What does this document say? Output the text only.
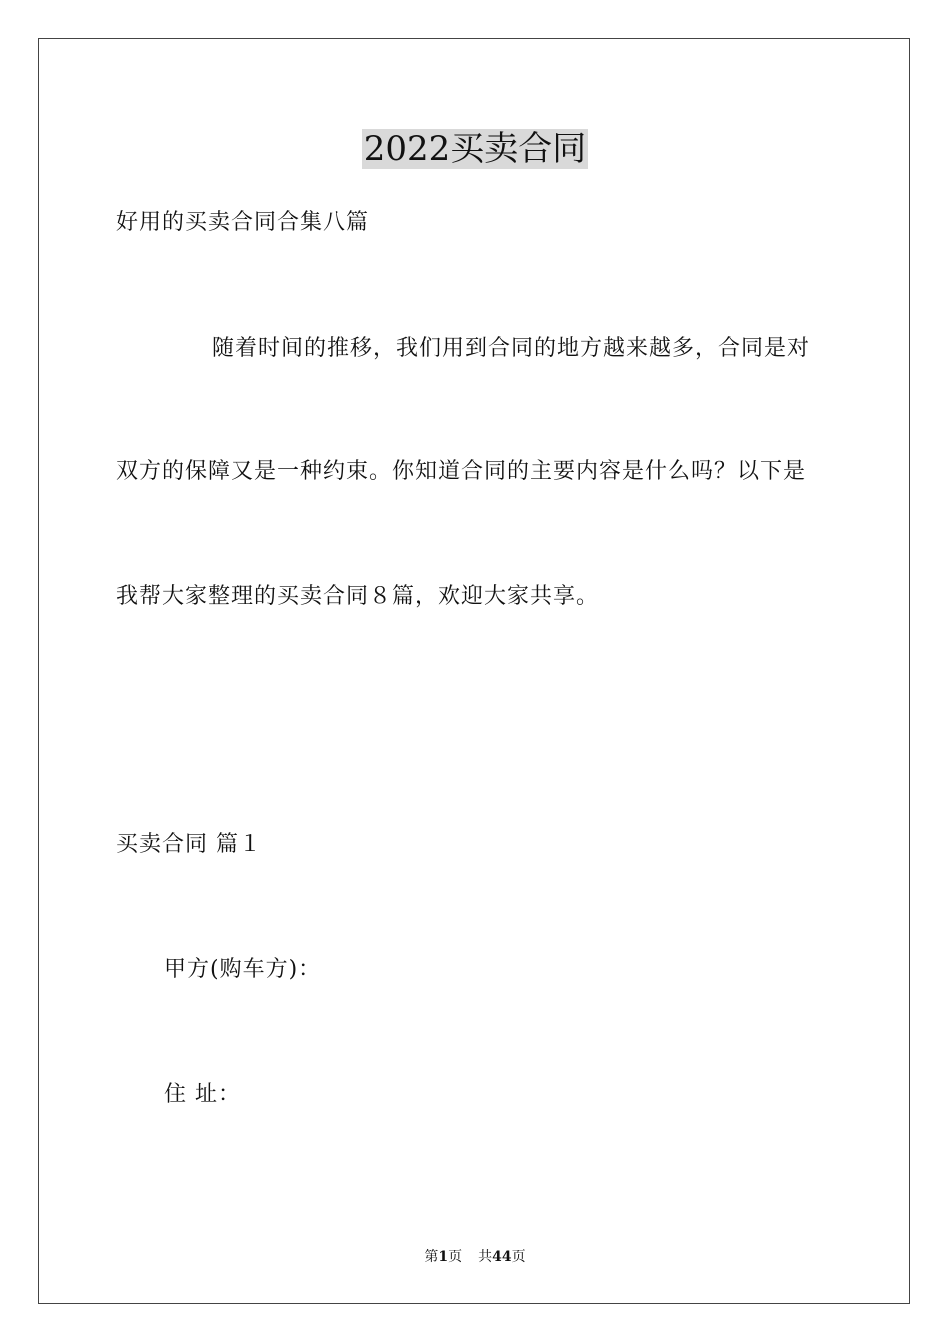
2022买卖合同
好用的买卖合同合集八篇
随着时间的推移，我们用到合同的地方越来越多，合同是对
双方的保障又是一种约束。你知道合同的主要内容是什么吗？以下是
我帮大家整理的买卖合同８篇，欢迎大家共享。
买卖合同 篇１
甲方(购车方)：
住 址：
第1页 共44页
